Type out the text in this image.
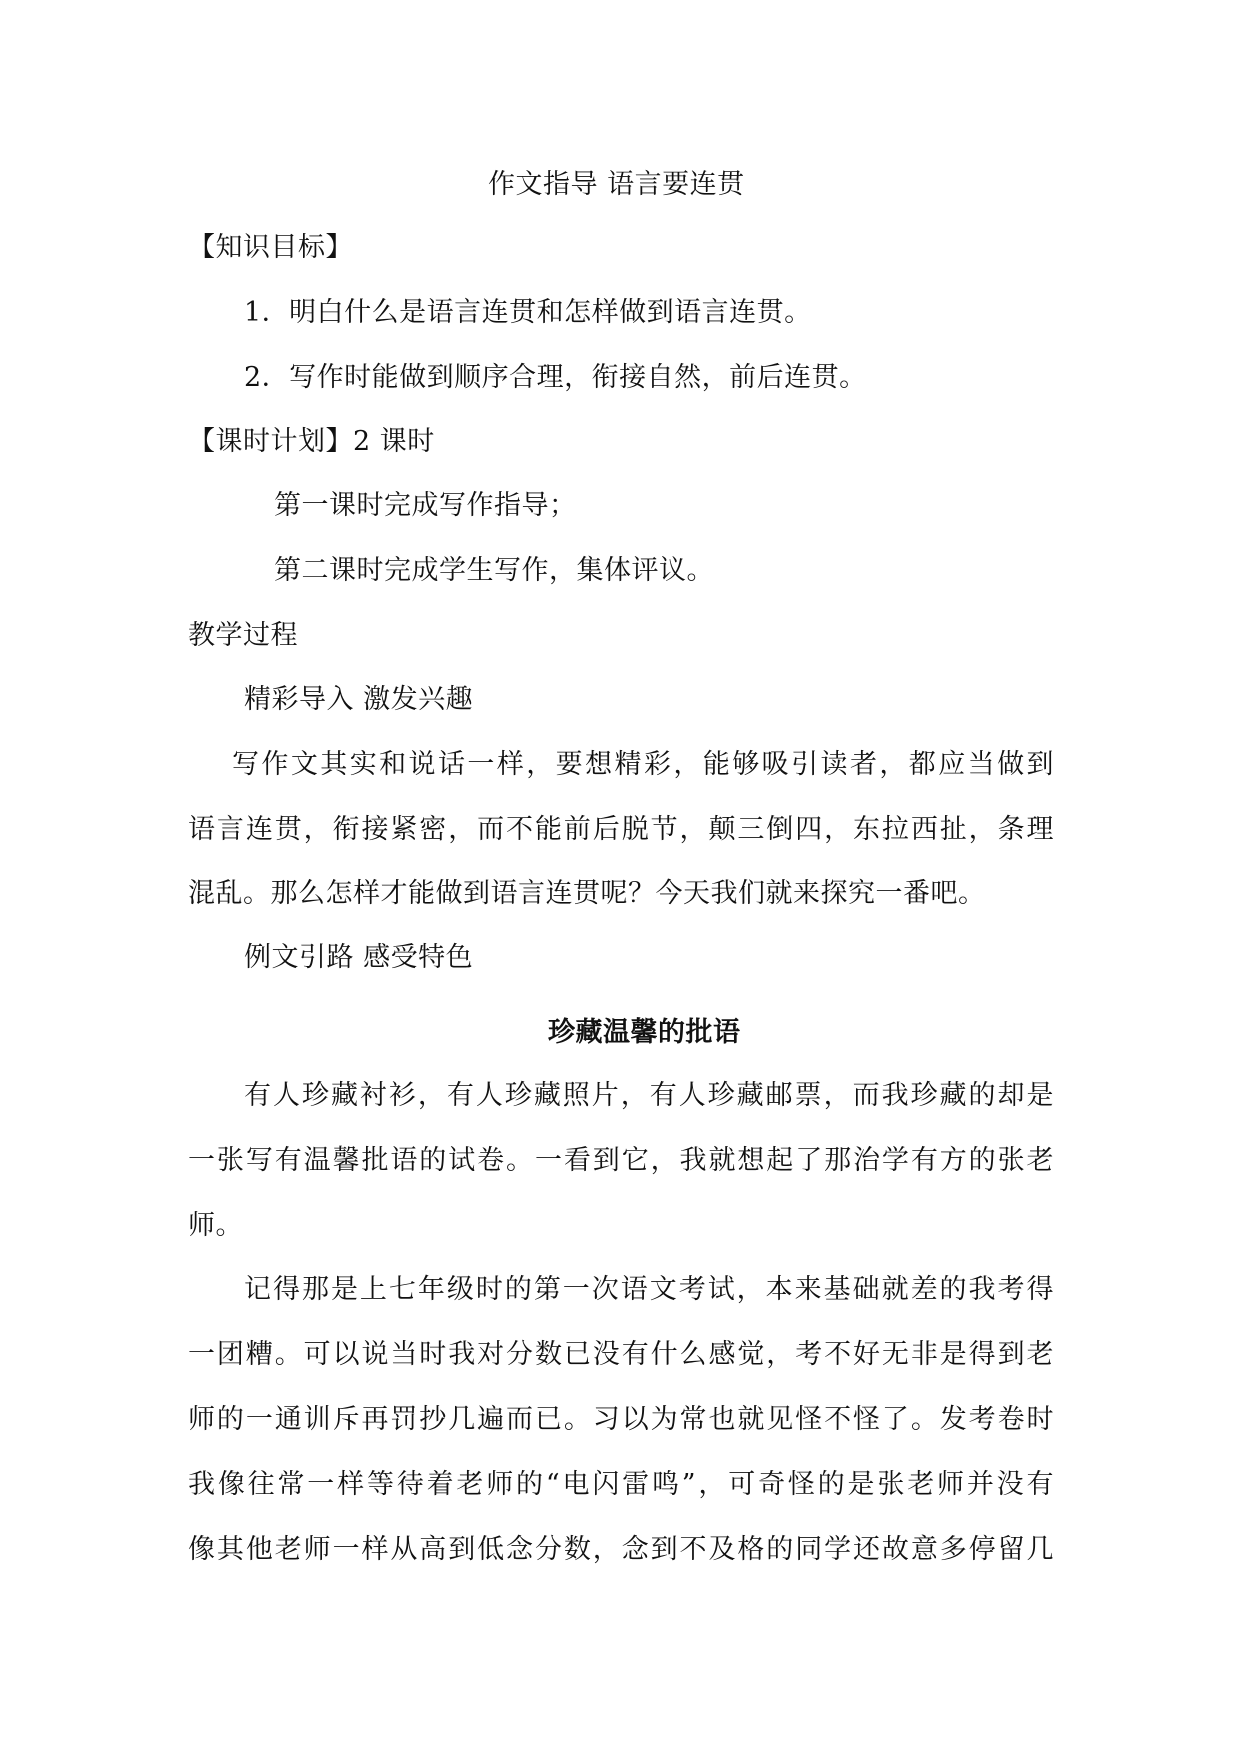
作文指导 语言要连贯
【知识目标】
1．明白什么是语言连贯和怎样做到语言连贯。
2．写作时能做到顺序合理，衔接自然，前后连贯。
【课时计划】2 课时
第一课时完成写作指导；
第二课时完成学生写作，集体评议。
教学过程
精彩导入 激发兴趣
写作文其实和说话一样，要想精彩，能够吸引读者，都应当做到
语言连贯，衔接紧密，而不能前后脱节，颠三倒四，东拉西扯，条理
混乱。那么怎样才能做到语言连贯呢？今天我们就来探究一番吧。
例文引路 感受特色
珍藏温馨的批语
有人珍藏衬衫，有人珍藏照片，有人珍藏邮票，而我珍藏的却是
一张写有温馨批语的试卷。一看到它，我就想起了那治学有方的张老
师。
记得那是上七年级时的第一次语文考试，本来基础就差的我考得
一团糟。可以说当时我对分数已没有什么感觉，考不好无非是得到老
师的一通训斥再罚抄几遍而已。习以为常也就见怪不怪了。发考卷时
我像往常一样等待着老师的“电闪雷鸣”，可奇怪的是张老师并没有
像其他老师一样从高到低念分数，念到不及格的同学还故意多停留几
